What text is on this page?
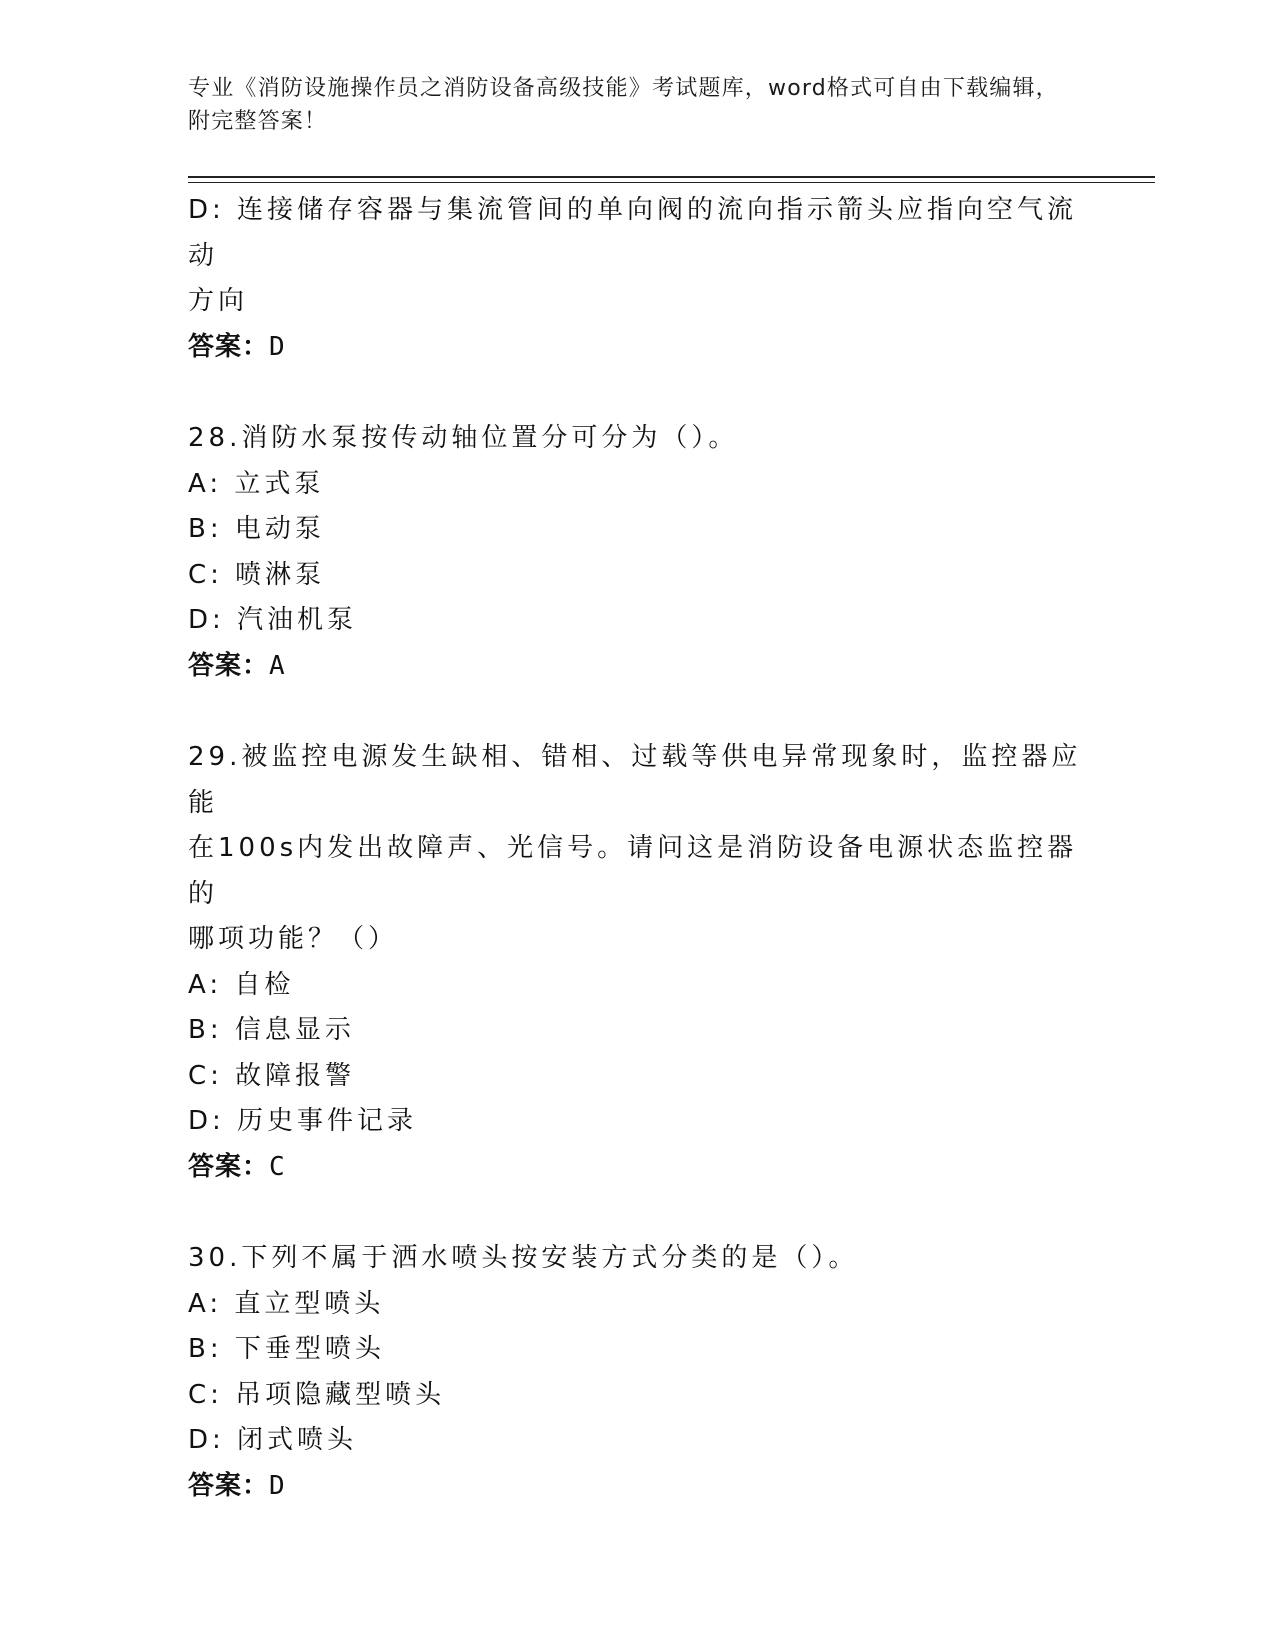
专业《消防设施操作员之消防设备高级技能》考试题库，word格式可自由下载编辑，附完整答案！

D: 连接储存容器与集流管间的单向阀的流向指示箭头应指向空气流动

方向

答案：D

28.消防水泵按传动轴位置分可分为（）。

A: 立式泵

B: 电动泵

C: 喷淋泵

D: 汽油机泵

答案：A

29.被监控电源发生缺相、错相、过载等供电异常现象时，监控器应能

在100s内发出故障声、光信号。请问这是消防设备电源状态监控器的

哪项功能？（）

A: 自检

B: 信息显示

C: 故障报警

D: 历史事件记录

答案：C

30.下列不属于洒水喷头按安装方式分类的是（）。

A: 直立型喷头

B: 下垂型喷头

C: 吊项隐藏型喷头

D: 闭式喷头

答案：D
